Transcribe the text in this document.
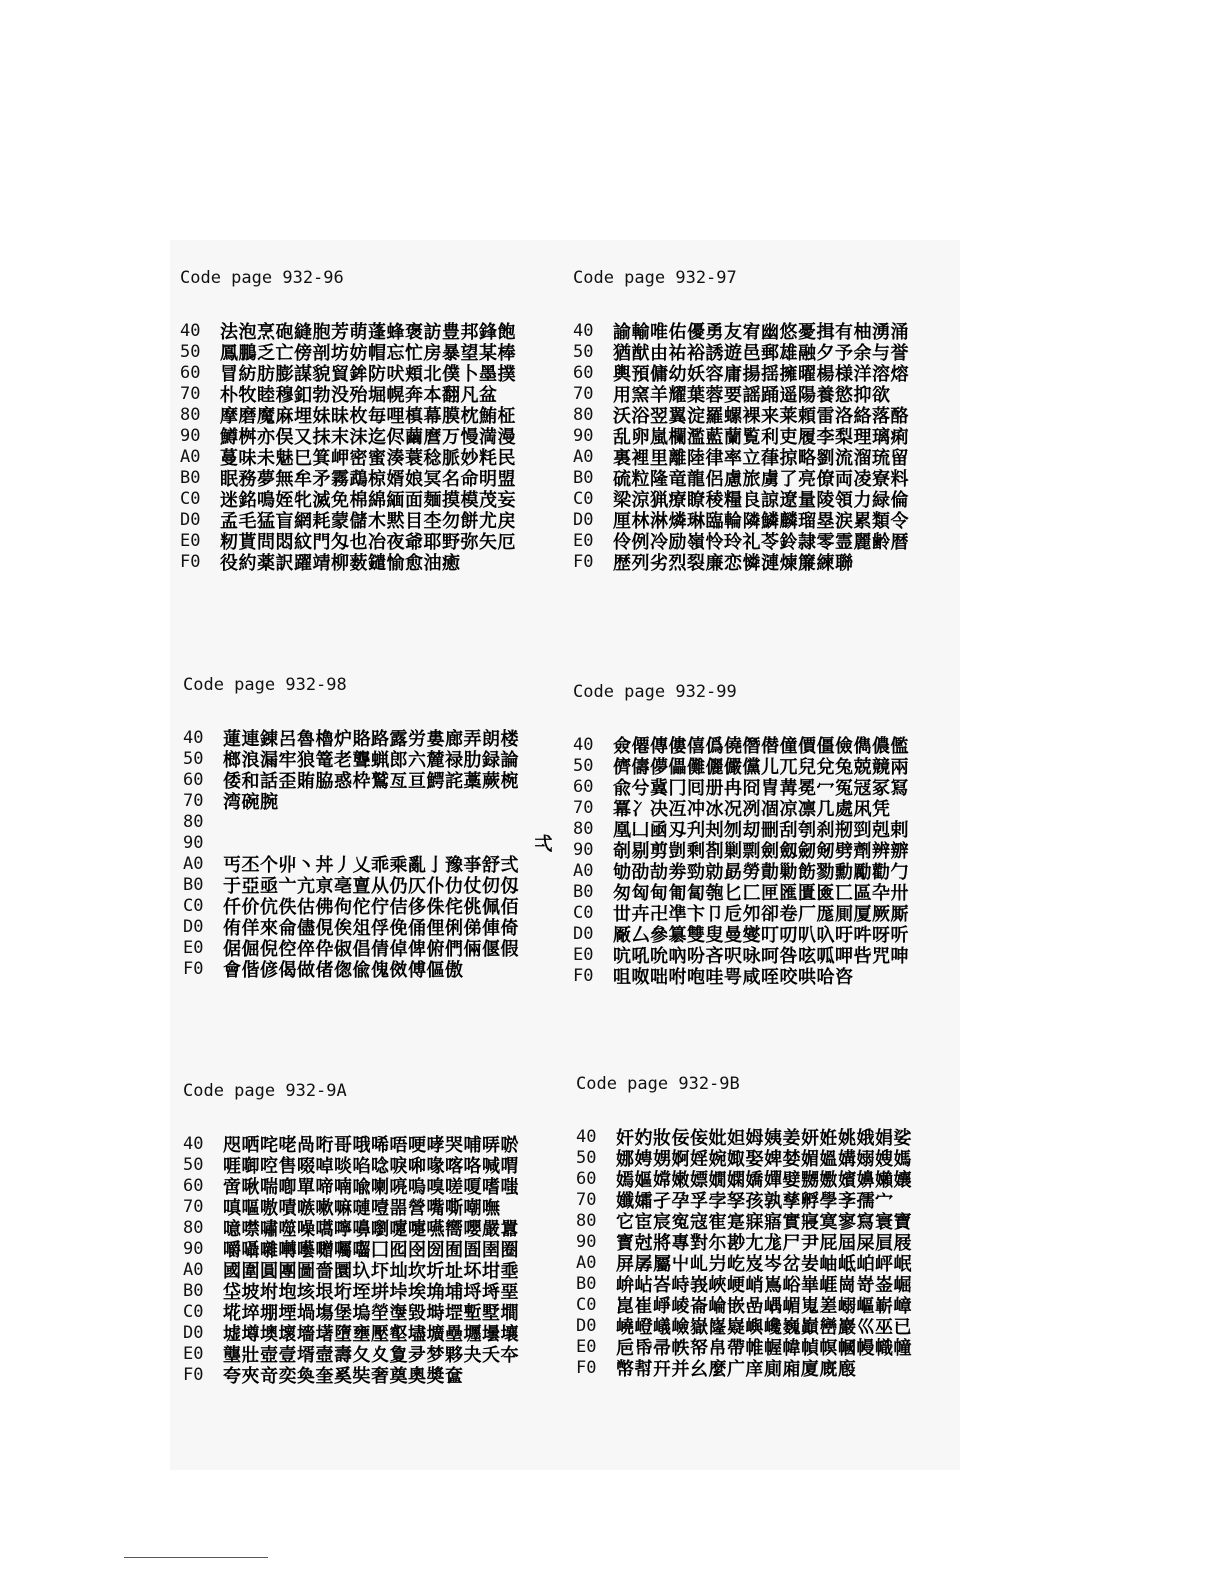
Code page 932-96
40	法泡烹砲縫胞芳萌蓬蜂褒訪豊邦鋒飽
50	鳳鵬乏亡傍剖坊妨帽忘忙房暴望某棒
60	冒紡肪膨謀貌貿鉾防吠頬北僕卜墨撲
70	朴牧睦穆釦勃没殆堀幌奔本翻凡盆
80	摩磨魔麻埋妹昧枚毎哩槙幕膜枕鮪柾
90	鱒桝亦俣又抹末沫迄侭繭麿万慢満漫
A0	蔓味未魅巳箕岬密蜜湊蓑稔脈妙粍民
B0	眠務夢無牟矛霧鵡椋婿娘冥名命明盟
C0	迷銘鳴姪牝滅免棉綿緬面麺摸模茂妄
D0	孟毛猛盲網耗蒙儲木黙目杢勿餅尤戻
E0	籾貰問悶紋門匁也冶夜爺耶野弥矢厄
F0	役約薬訳躍靖柳薮鑓愉愈油癒
Code page 932-97
40	諭輸唯佑優勇友宥幽悠憂揖有柚湧涌
50	猶猷由祐裕誘遊邑郵雄融夕予余与誉
60	輿預傭幼妖容庸揚揺擁曜楊様洋溶熔
70	用窯羊耀葉蓉要謡踊遥陽養慾抑欲
80	沃浴翌翼淀羅螺裸来莱頼雷洛絡落酪
90	乱卵嵐欄濫藍蘭覧利吏履李梨理璃痢
A0	裏裡里離陸律率立葎掠略劉流溜琉留
B0	硫粒隆竜龍侶慮旅虜了亮僚両凌寮料
C0	梁涼猟療瞭稜糧良諒遼量陵領力緑倫
D0	厘林淋燐琳臨輪隣鱗麟瑠塁涙累類令
E0	伶例冷励嶺怜玲礼苓鈴隷零霊麗齢暦
F0	歴列劣烈裂廉恋憐漣煉簾練聯
Code page 932-98
40	蓮連錬呂魯櫓炉賂路露労婁廊弄朗楼
50	榔浪漏牢狼篭老聾蝋郎六麓禄肋録論
60	倭和話歪賄脇惑枠鷲亙亘鰐詫藁蕨椀
70	湾碗腕
80
90	弌
A0	丐丕个丱丶丼丿乂乖乘亂亅豫亊舒弍
B0	于亞亟亠亢亰亳亶从仍仄仆仂仗仞仭
C0	仟价伉佚估佛佝佗佇佶侈侏侘佻佩佰
D0	侑佯來侖儘俔俟俎俘俛俑俚俐俤俥倚
E0	倨倔倪倥倅伜俶倡倩倬俾俯們倆偃假
F0	會偕偐偈做偖偬偸傀傚傅傴傲
Code page 932-99
40	僉僊傳僂僖僞僥僭僣僮價僵儉儁儂儖
50	儕儔儚儡儺儷儼儻儿兀兒兌兔兢竸兩
60	兪兮冀冂囘册冉冏冑冓冕冖冤冦冢冩
70	冪冫决冱冲冰况冽凅凉凛几處凩凭
80	凰凵凾刄刋刔刎刧刪刮刳刹剏剄剋剌
90	剞剔剪剴剩剳剿剽劍劔劒剱劈劑辨辧
A0	劬劭劼劵勁勍勗勞勣勦飭勠勳勵勸勹
B0	匆匈甸匍匐匏匕匚匣匯匱匳匸區卆卅
C0	丗卉卍凖卞卩卮夘卻卷厂厖厠厦厥厮
D0	厰厶參簒雙叟曼燮叮叨叭叺吁吽呀听
E0	吭吼吮吶吩吝呎咏呵咎呟呱呷呰咒呻
F0	咀呶咄咐咆哇咢咸咥咬哄哈咨
Code page 932-9A
40	咫哂咤咾咼哘哥哦唏唔哽哮哭哺哢唹
50	啀啣啌售啜啅啖啗唸唳啝喙喀咯喊喟
60	啻啾喘喞單啼喃喩喇喨嗚嗅嗟嗄嗜嗤
70	嗔嘔嗷嘖嗾嗽嘛嗹噎噐營嘴嘶嘲嘸
80	噫噤嘯噬噪嚆嚀嚊嚠嚔嚏嚥嚮嚶嚴囂
90	嚼囁囃囀囈囎囑囓囗囮囹圀囿圄圉圈
A0	國圍圓團圖嗇圜圦圷圸坎圻址坏坩埀
B0	垈坡坿垉垓垠垳垤垪垰埃埆埔埒埓堊
C0	埖埣堋堙堝塲堡塢塋塰毀塒堽塹墅墹
D0	墟墫墺壞墻墸墮壅壓壑壗壙壘壥壜壤
E0	壟壯壺壹壻壼壽夂夊夐夛梦夥夬夭夲
F0	夸夾竒奕奐奎奚奘奢奠奧奬奩
Code page 932-9B
40	奸妁妝佞侫妣妲姆姨姜妍姙姚娥娟娑
50	娜娉娚婀婬婉娵娶婢婪媚媼媾嫋嫂媽
60	嫣嫗嫦嫩嫖嫺嫻嬌嬋嬖嬲嫐嬪嬶嬾孃
70	孅孀孑孕孚孛孥孩孰孳孵學斈孺宀
80	它宦宸寃寇寉寔寐寤實寢寞寥寫寰寶
90	寳尅將專對尓尠尢尨尸尹屁屆屎屓屐
A0	屏孱屬屮乢屶屹岌岑岔妛岫岻岶岼岷
B0	峅岾峇峙峩峽峺峭嶌峪崋崕崗嵜崟崛
C0	崑崔崢崚崙崘嵌嵒嵎嵋嵬嵳嵶嶇嶄嶂
D0	嶢嶝嶬嶮嶽嶐嶷嶼巉巍巓巒巖巛巫已
E0	巵帋帚帙帑帛帶帷幄幃幀幎幗幔幟幢
F0	幤幇幵并幺麼广庠廁廂廈廐廏
